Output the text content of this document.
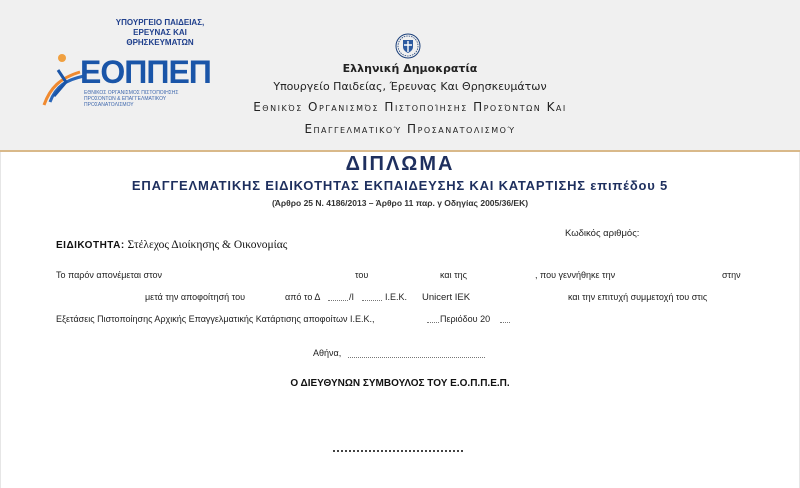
ΥΠΟΥΡΓΕΙΟ ΠΑΙΔΕΙΑΣ,
ΕΡΕΥΝΑΣ ΚΑΙ ΘΡΗΣΚΕΥΜΑΤΩΝ
ΕΟΠΠΕΠ
ΕΘΝΙΚΟΣ ΟΡΓΑΝΙΣΜΟΣ ΠΙΣΤΟΠΟΙΗΣΗΣ ΠΡΟΣΟΝΤΩΝ & ΕΠΑΓΓΕΛΜΑΤΙΚΟΥ ΠΡΟΣΑΝΑΤΟΛΙΣΜΟΥ
Ελληνική Δημοκρατία
Υπουργείο Παιδείας, Έρευνας Και Θρησκευμάτων
Εθνικός Οργανισμός Πιστοποίησης Προσόντων Και
Επαγγελματικού Προσανατολισμού
ΔΙΠΛΩΜΑ
ΕΠΑΓΓΕΛΜΑΤΙΚΗΣ ΕΙΔΙΚΟΤΗΤΑΣ ΕΚΠΑΙΔΕΥΣΗΣ ΚΑΙ ΚΑΤΑΡΤΙΣΗΣ επιπέδου 5
(Άρθρο 25 Ν. 4186/2013 – Άρθρο 11 παρ. γ Οδηγίας 2005/36/ΕΚ)
Κωδικός αριθμός:
ΕΙΔΙΚΟΤΗΤΑ: Στέλεχος Διοίκησης & Οικονομίας
Το παρόν απονέμεται στον	του	και της	, που γεννήθηκε την	στην
μετά την αποφοίτησή του	από το Δ	/Ι	Ι.Ε.Κ. Unicert ΙΕΚ	και την επιτυχή συμμετοχή του στις
Εξετάσεις Πιστοποίησης Αρχικής Επαγγελματικής Κατάρτισης αποφοίτων Ι.Ε.Κ.,	Περιόδου 20
Αθήνα,
Ο ΔΙΕΥΘΥΝΩΝ ΣΥΜΒΟΥΛΟΣ ΤΟΥ Ε.Ο.Π.Π.Ε.Π.
